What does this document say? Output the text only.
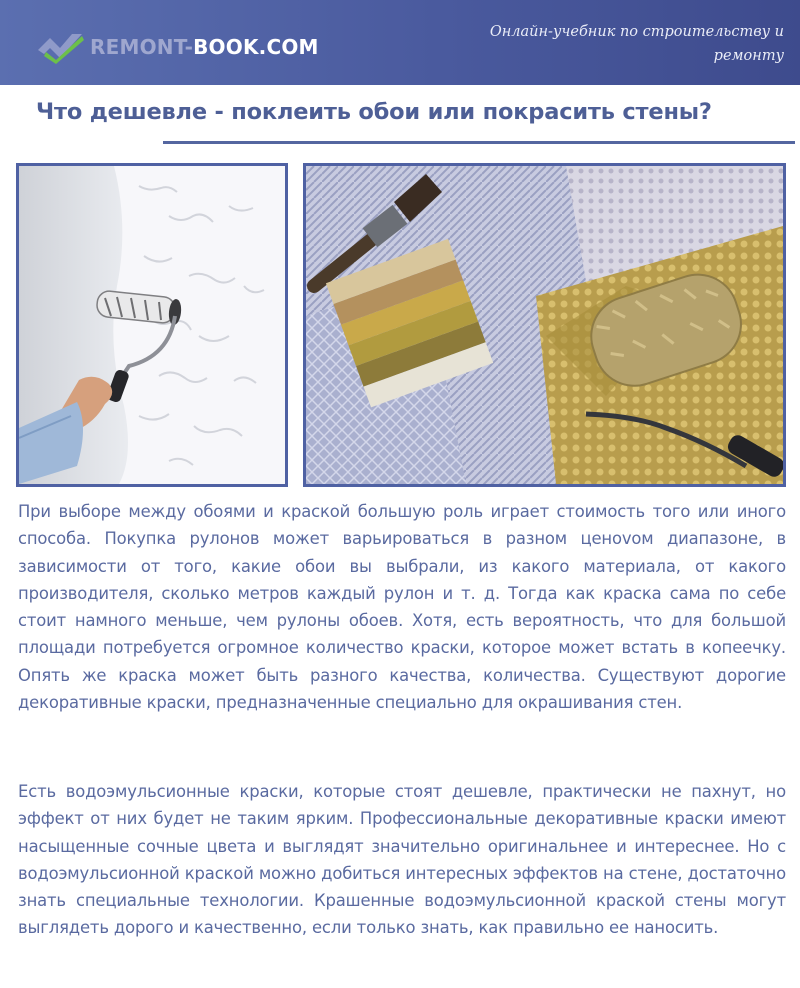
REMONT-BOOK.COM
Онлайн-учебник по строительству и ремонту
Что дешевле - поклеить обои или покрасить стены?

При выборе между обоями и краской большую роль играет стоимость того или иного способа. Покупка рулонов может варьироваться в разном ценоvом диапазоне, в зависимости от того, какие обои вы выбрали, из какого материала, от какого производителя, сколько метров каждый рулон и т. д. Тогда как краска сама по себе стоит намного меньше, чем рулоны обоев. Хотя, есть вероятность, что для большой площади потребуется огромное количество краски, которое может встать в копеечку. Опять же краска может быть разного качества, количества. Существуют дорогие декоративные краски, предназначенные специально для окрашивания стен.

Есть водоэмульсионные краски, которые стоят дешевле, практически не пахнут, но эффект от них будет не таким ярким. Профессиональные декоративные краски имеют насыщенные сочные цвета и выглядят значительно оригинальнее и интереснее. Но с водоэмульсионной краской можно добиться интересных эффектов на стене, достаточно знать специальные технологии. Крашенные водоэмульсионной краской стены могут выглядеть дорого и качественно, если только знать, как правильно ее наносить.
